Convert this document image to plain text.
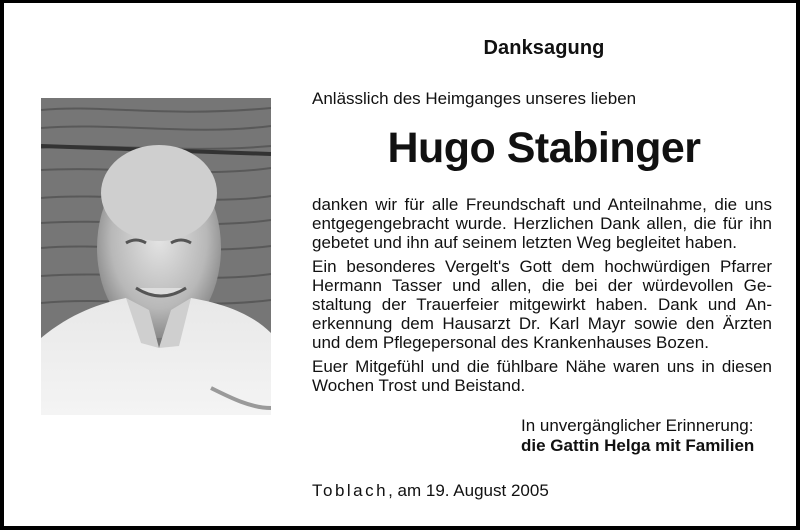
Danksagung
Anlässlich des Heimganges unseres lieben
Hugo Stabinger

danken wir für alle Freundschaft und Anteilnahme, die uns
entgegengebracht wurde. Herzlichen Dank allen, die für ihn
gebetet und ihn auf seinem letzten Weg begleitet haben.

Ein besonderes Vergelt's Gott dem hochwürdigen Pfarrer
Hermann Tasser und allen, die bei der würdevollen Ge-
staltung der Trauerfeier mitgewirkt haben. Dank und An-
erkennung dem Hausarzt Dr. Karl Mayr sowie den Ärzten
und dem Pflegepersonal des Krankenhauses Bozen.

Euer Mitgefühl und die fühlbare Nähe waren uns in diesen
Wochen Trost und Beistand.

In unvergänglicher Erinnerung:
die Gattin Helga mit Familien
Toblach, am 19. August 2005
